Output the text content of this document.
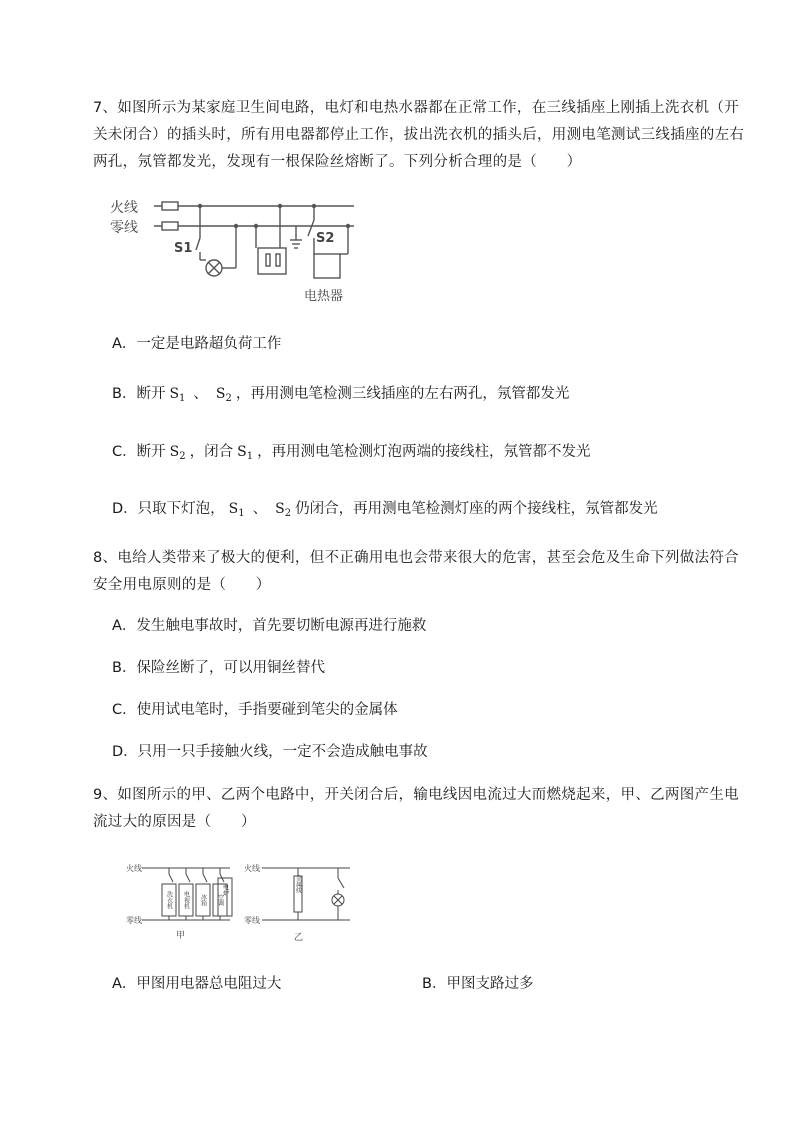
7、如图所示为某家庭卫生间电路，电灯和电热水器都在正常工作，在三线插座上刚插上洗衣机（开关未闭合）的插头时，所有用电器都停止工作，拔出洗衣机的插头后，用测电笔测试三线插座的左右两孔，氖管都发光，发现有一根保险丝熔断了。下列分析合理的是（　　）
火线
零线
S1
S2
电热器
A．一定是电路超负荷工作
B．断开 $S_1$ 、 $S_2$ ，再用测电笔检测三线插座的左右两孔，氖管都发光
C．断开 $S_2$ ，闭合 $S_1$ ，再用测电笔检测灯泡两端的接线柱，氖管都不发光
D．只取下灯泡， $S_1$ 、 $S_2$ 仍闭合，再用测电笔检测灯座的两个接线柱，氖管都发光
8、电给人类带来了极大的便利，但不正确用电也会带来很大的危害，甚至会危及生命下列做法符合安全用电原则的是（　　）
A．发生触电事故时，首先要切断电源再进行施救
B．保险丝断了，可以用铜丝替代
C．使用试电笔时，手指要碰到笔尖的金属体
D．只用一只手接触火线，一定不会造成触电事故
9、如图所示的甲、乙两个电路中，开关闭合后，输电线因电流过大而燃烧起来，甲、乙两图产生电流过大的原因是（　　）
火线
零线
火线
零线
甲	乙
洗衣机 电视机 冰箱 空调
电炉	金属线
A．甲图用电器总电阻过大	B．甲图支路过多
